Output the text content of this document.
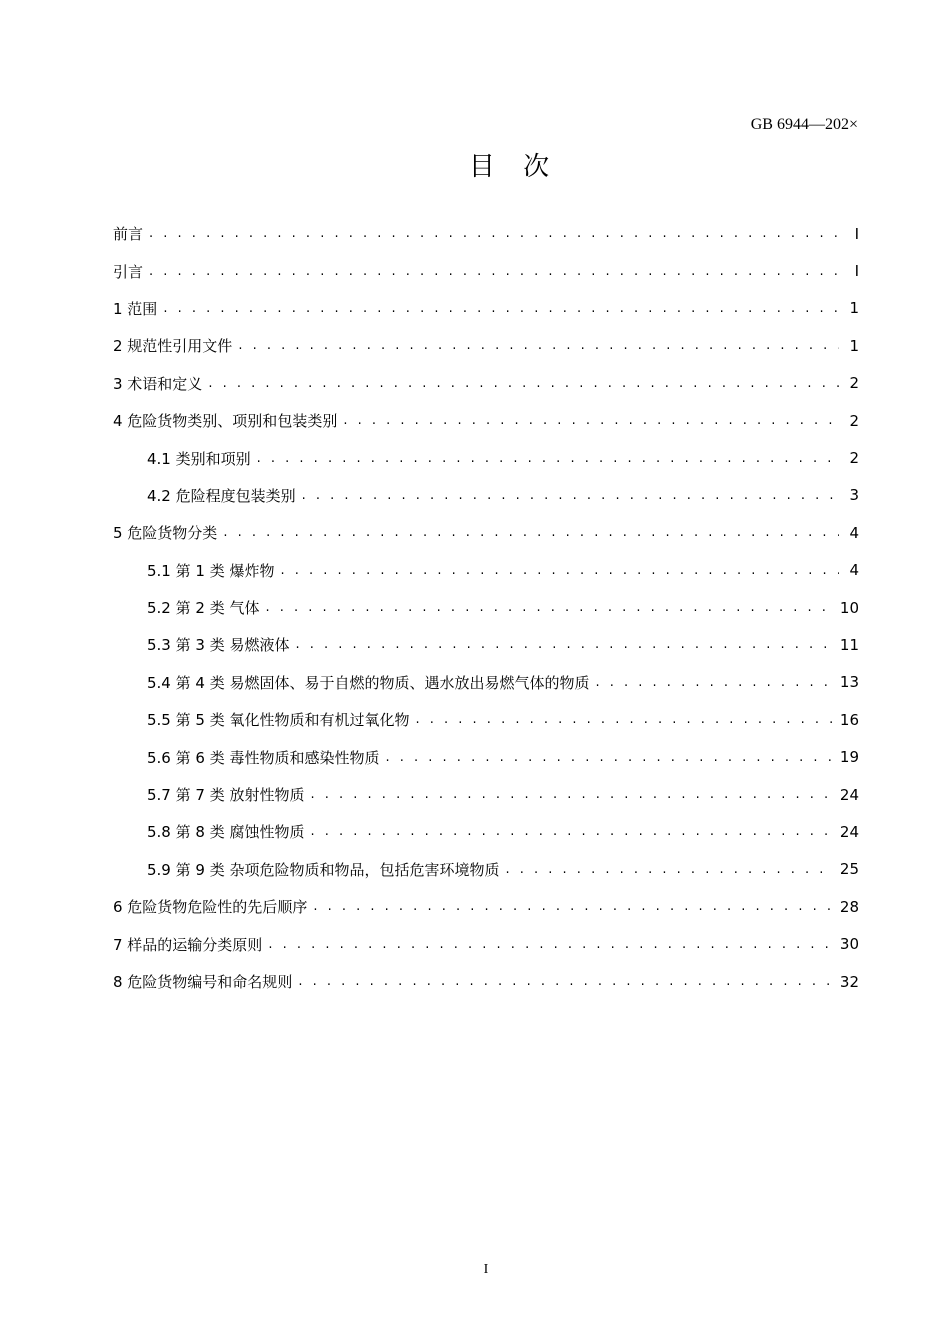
GB 6944—202×
目 次
前言 . . .	I
引言 . . .	I
1 范围 . . .	1
2 规范性引用文件 . . .	1
3 术语和定义 . . .	2
4 危险货物类别、项别和包装类别 . . .	2
4.1 类别和项别 . . .	2
4.2 危险程度包装类别 . . .	3
5 危险货物分类 . . .	4
5.1 第 1 类 爆炸物 . . .	4
5.2 第 2 类 气体 . . .	10
5.3 第 3 类 易燃液体 . . .	11
5.4 第 4 类 易燃固体、易于自燃的物质、遇水放出易燃气体的物质 . . .	13
5.5 第 5 类 氧化性物质和有机过氧化物 . . .	16
5.6 第 6 类 毒性物质和感染性物质 . . .	19
5.7 第 7 类 放射性物质 . . .	24
5.8 第 8 类 腐蚀性物质 . . .	24
5.9 第 9 类 杂项危险物质和物品，包括危害环境物质 . . .	25
6 危险货物危险性的先后顺序 . . .	28
7 样品的运输分类原则 . . .	30
8 危险货物编号和命名规则 . . .	32
I
